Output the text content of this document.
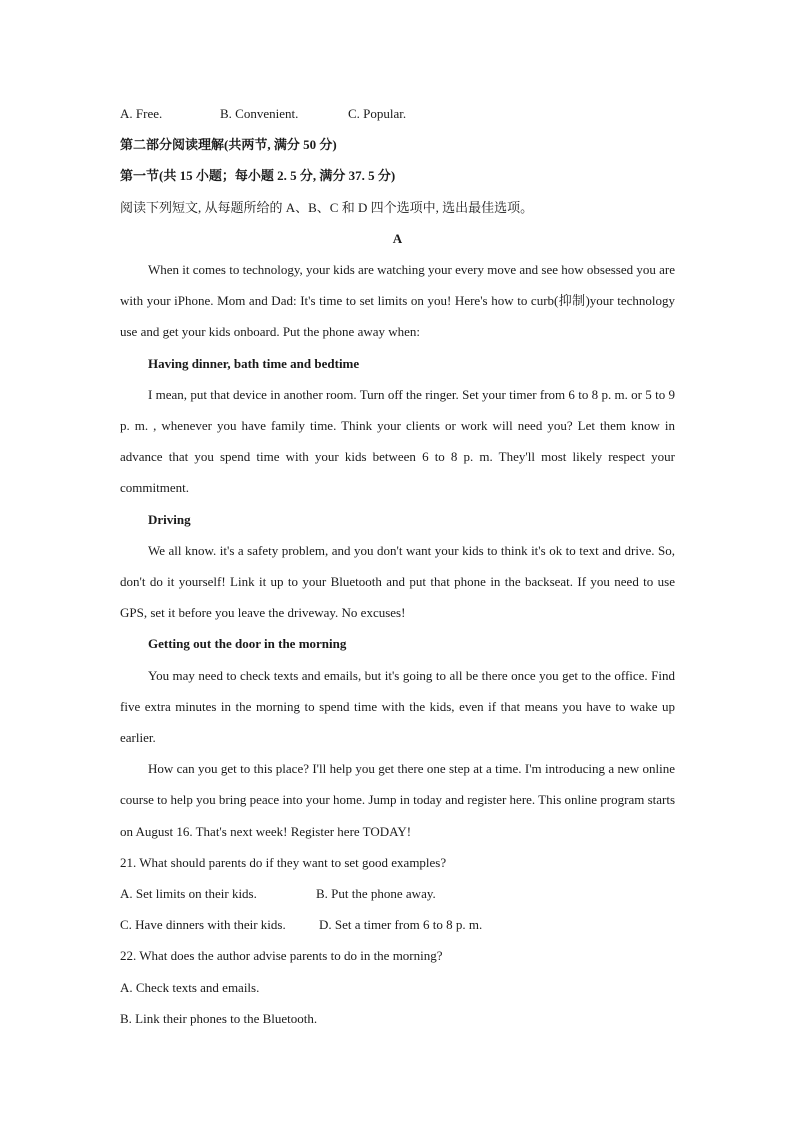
A. Free.	B. Convenient.	C. Popular.
第二部分阅读理解(共两节, 满分 50 分)
第一节(共 15 小题；每小题 2. 5 分, 满分 37. 5 分)
阅读下列短文, 从每题所给的 A、B、C 和 D 四个选项中, 选出最佳选项。
A
When it comes to technology, your kids are watching your every move and see how obsessed you are with your iPhone. Mom and Dad: It's time to set limits on you! Here's how to curb(抑制)your technology use and get your kids onboard. Put the phone away when:
Having dinner, bath time and bedtime
I mean, put that device in another room. Turn off the ringer. Set your timer from 6 to 8 p. m. or 5 to 9 p. m. , whenever you have family time. Think your clients or work will need you? Let them know in advance that you spend time with your kids between 6 to 8 p. m. They'll most likely respect your commitment.
Driving
We all know. it's a safety problem, and you don't want your kids to think it's ok to text and drive. So, don't do it yourself! Link it up to your Bluetooth and put that phone in the backseat. If you need to use GPS, set it before you leave the driveway. No excuses!
Getting out the door in the morning
You may need to check texts and emails, but it's going to all be there once you get to the office. Find five extra minutes in the morning to spend time with the kids, even if that means you have to wake up earlier.
How can you get to this place? I'll help you get there one step at a time. I'm introducing a new online course to help you bring peace into your home. Jump in today and register here. This online program starts on August 16. That's next week! Register here TODAY!
21. What should parents do if they want to set good examples?
A. Set limits on their kids.	B. Put the phone away.
C. Have dinners with their kids.	D. Set a timer from 6 to 8 p. m.
22. What does the author advise parents to do in the morning?
A. Check texts and emails.
B. Link their phones to the Bluetooth.
